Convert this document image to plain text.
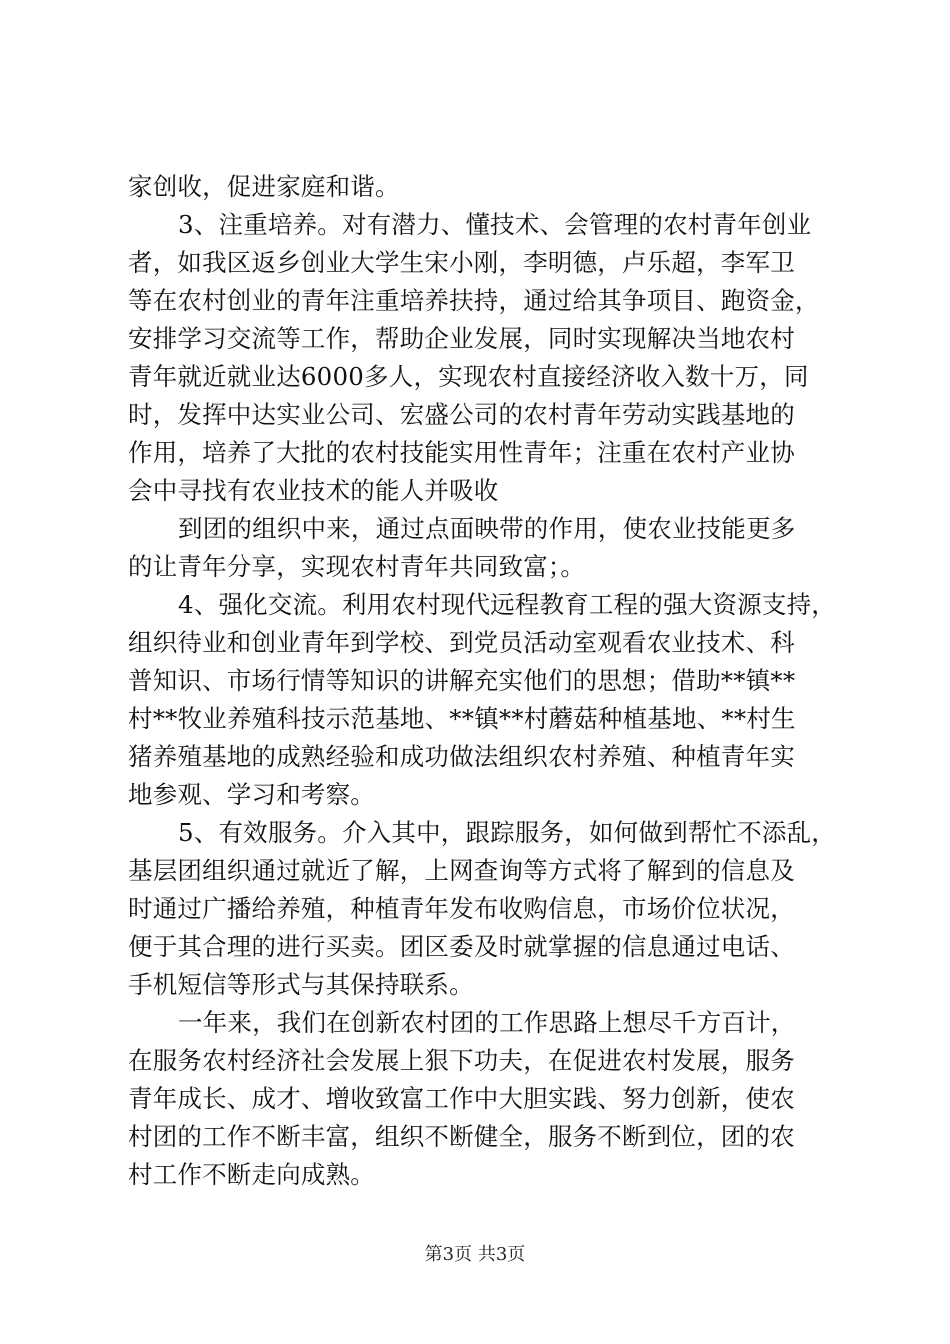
家创收，促进家庭和谐。
3、注重培养。对有潜力、懂技术、会管理的农村青年创业
者，如我区返乡创业大学生宋小刚，李明德，卢乐超，李军卫
等在农村创业的青年注重培养扶持，通过给其争项目、跑资金，
安排学习交流等工作，帮助企业发展，同时实现解决当地农村
青年就近就业达6000多人，实现农村直接经济收入数十万，同
时，发挥中达实业公司、宏盛公司的农村青年劳动实践基地的
作用，培养了大批的农村技能实用性青年；注重在农村产业协
会中寻找有农业技术的能人并吸收
到团的组织中来，通过点面映带的作用，使农业技能更多
的让青年分享，实现农村青年共同致富；。
4、强化交流。利用农村现代远程教育工程的强大资源支持，
组织待业和创业青年到学校、到党员活动室观看农业技术、科
普知识、市场行情等知识的讲解充实他们的思想；借助**镇**
村**牧业养殖科技示范基地、**镇**村蘑菇种植基地、**村生
猪养殖基地的成熟经验和成功做法组织农村养殖、种植青年实
地参观、学习和考察。
5、有效服务。介入其中，跟踪服务，如何做到帮忙不添乱，
基层团组织通过就近了解，上网查询等方式将了解到的信息及
时通过广播给养殖，种植青年发布收购信息，市场价位状况，
便于其合理的进行买卖。团区委及时就掌握的信息通过电话、
手机短信等形式与其保持联系。
一年来，我们在创新农村团的工作思路上想尽千方百计，
在服务农村经济社会发展上狠下功夫，在促进农村发展，服务
青年成长、成才、增收致富工作中大胆实践、努力创新，使农
村团的工作不断丰富，组织不断健全，服务不断到位，团的农
村工作不断走向成熟。
第3页 共3页
